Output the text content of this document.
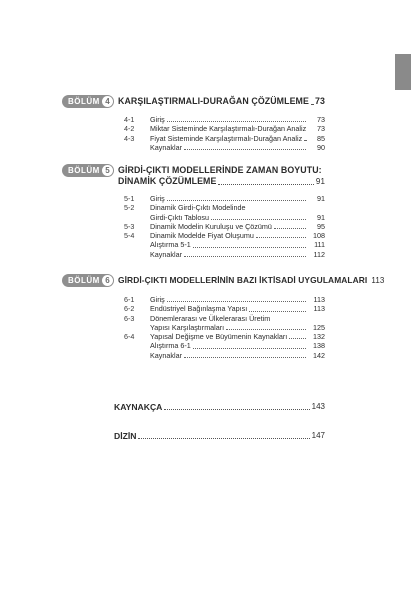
BÖLÜM 4 KARŞILAŞTIRMALI-DURAĞAN ÇÖZÜMLEME 73
4-1	Giriş	73
4-2	Miktar Sisteminde Karşılaştırmalı-Durağan Analiz	73
4-3	Fiyat Sisteminde Karşılaştırmalı-Durağan Analiz	85
Kaynaklar	90
BÖLÜM 5 GİRDİ-ÇIKTI MODELLERİNDE ZAMAN BOYUTU:
DİNAMİK ÇÖZÜMLEME	91
5-1	Giriş	91
5-2	Dinamik Girdi-Çıktı Modelinde
Girdi-Çıktı Tablosu	91
5-3	Dinamik Modelin Kuruluşu ve Çözümü	95
5-4	Dinamik Modelde Fiyat Oluşumu	108
Alıştırma 5-1	111
Kaynaklar	112
BÖLÜM 6 GİRDİ-ÇIKTI MODELLERİNİN BAZI İKTİSADİ UYGULAMALARI 113
6-1	Giriş	113
6-2	Endüstriyel Bağınlaşma Yapısı	113
6-3	Dönemlerarası ve Ülkelerarası Üretim
Yapısı Karşılaştırmaları	125
6-4	Yapısal Değişme ve Büyümenin Kaynakları	132
Alıştırma 6-1	138
Kaynaklar	142
KAYNAKÇA	143
DİZİN	147
